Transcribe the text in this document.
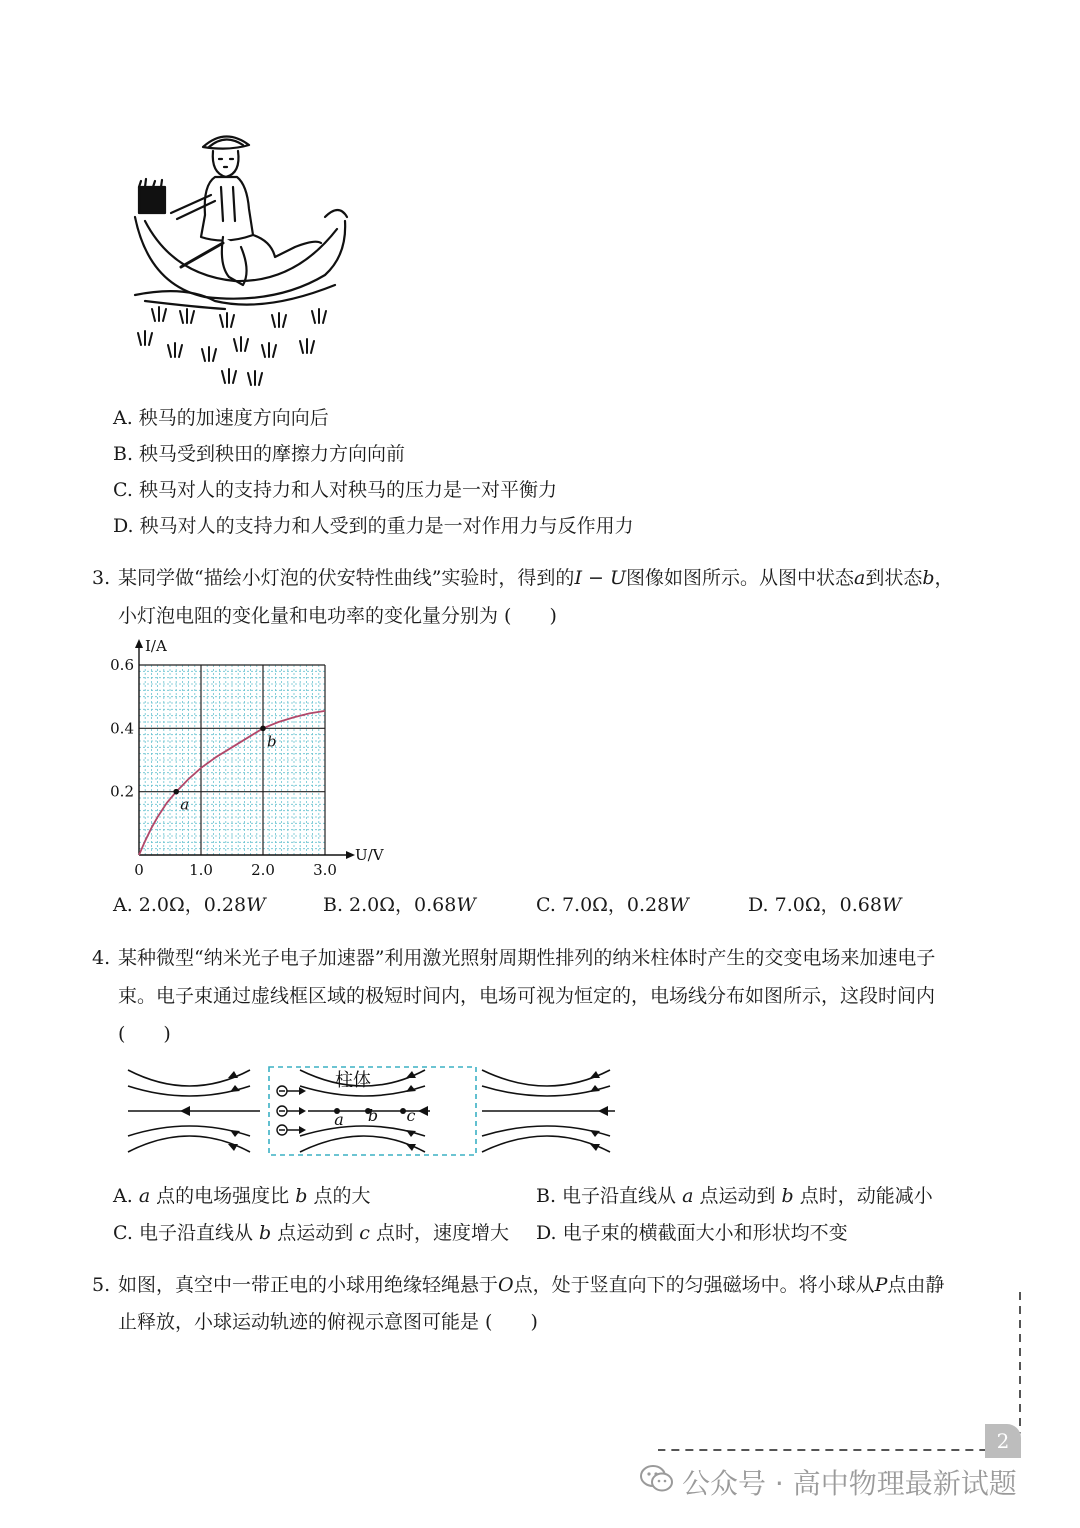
A. 秧马的加速度方向向后
B. 秧马受到秧田的摩擦力方向向前
C. 秧马对人的支持力和人对秧马的压力是一对平衡力
D. 秧马对人的支持力和人受到的重力是一对作用力与反作用力
3. 某同学做“描绘小灯泡的伏安特性曲线”实验时，得到的I − U图像如图所示。从图中状态a到状态b，
小灯泡电阻的变化量和电功率的变化量分别为 (　　)
a
b
0	1.0	2.0	3.0
0.2
0.4
0.6
U/V
I/A
A. 2.0Ω，0.28W	B. 2.0Ω，0.68W	C. 7.0Ω，0.28W	D. 7.0Ω，0.68W
4. 某种微型“纳米光子电子加速器”利用激光照射周期性排列的纳米柱体时产生的交变电场来加速电子
束。电子束通过虚线框区域的极短时间内，电场可视为恒定的，电场线分布如图所示，这段时间内
(　　)
柱体
a b c
A. a 点的电场强度比 b 点的大	B. 电子沿直线从 a 点运动到 b 点时，动能减小
C. 电子沿直线从 b 点运动到 c 点时，速度增大 D. 电子束的横截面大小和形状均不变
5. 如图，真空中一带正电的小球用绝缘轻绳悬于O点，处于竖直向下的匀强磁场中。将小球从P点由静
止释放，小球运动轨迹的俯视示意图可能是 (　　)
2
公众号 · 高中物理最新试题
